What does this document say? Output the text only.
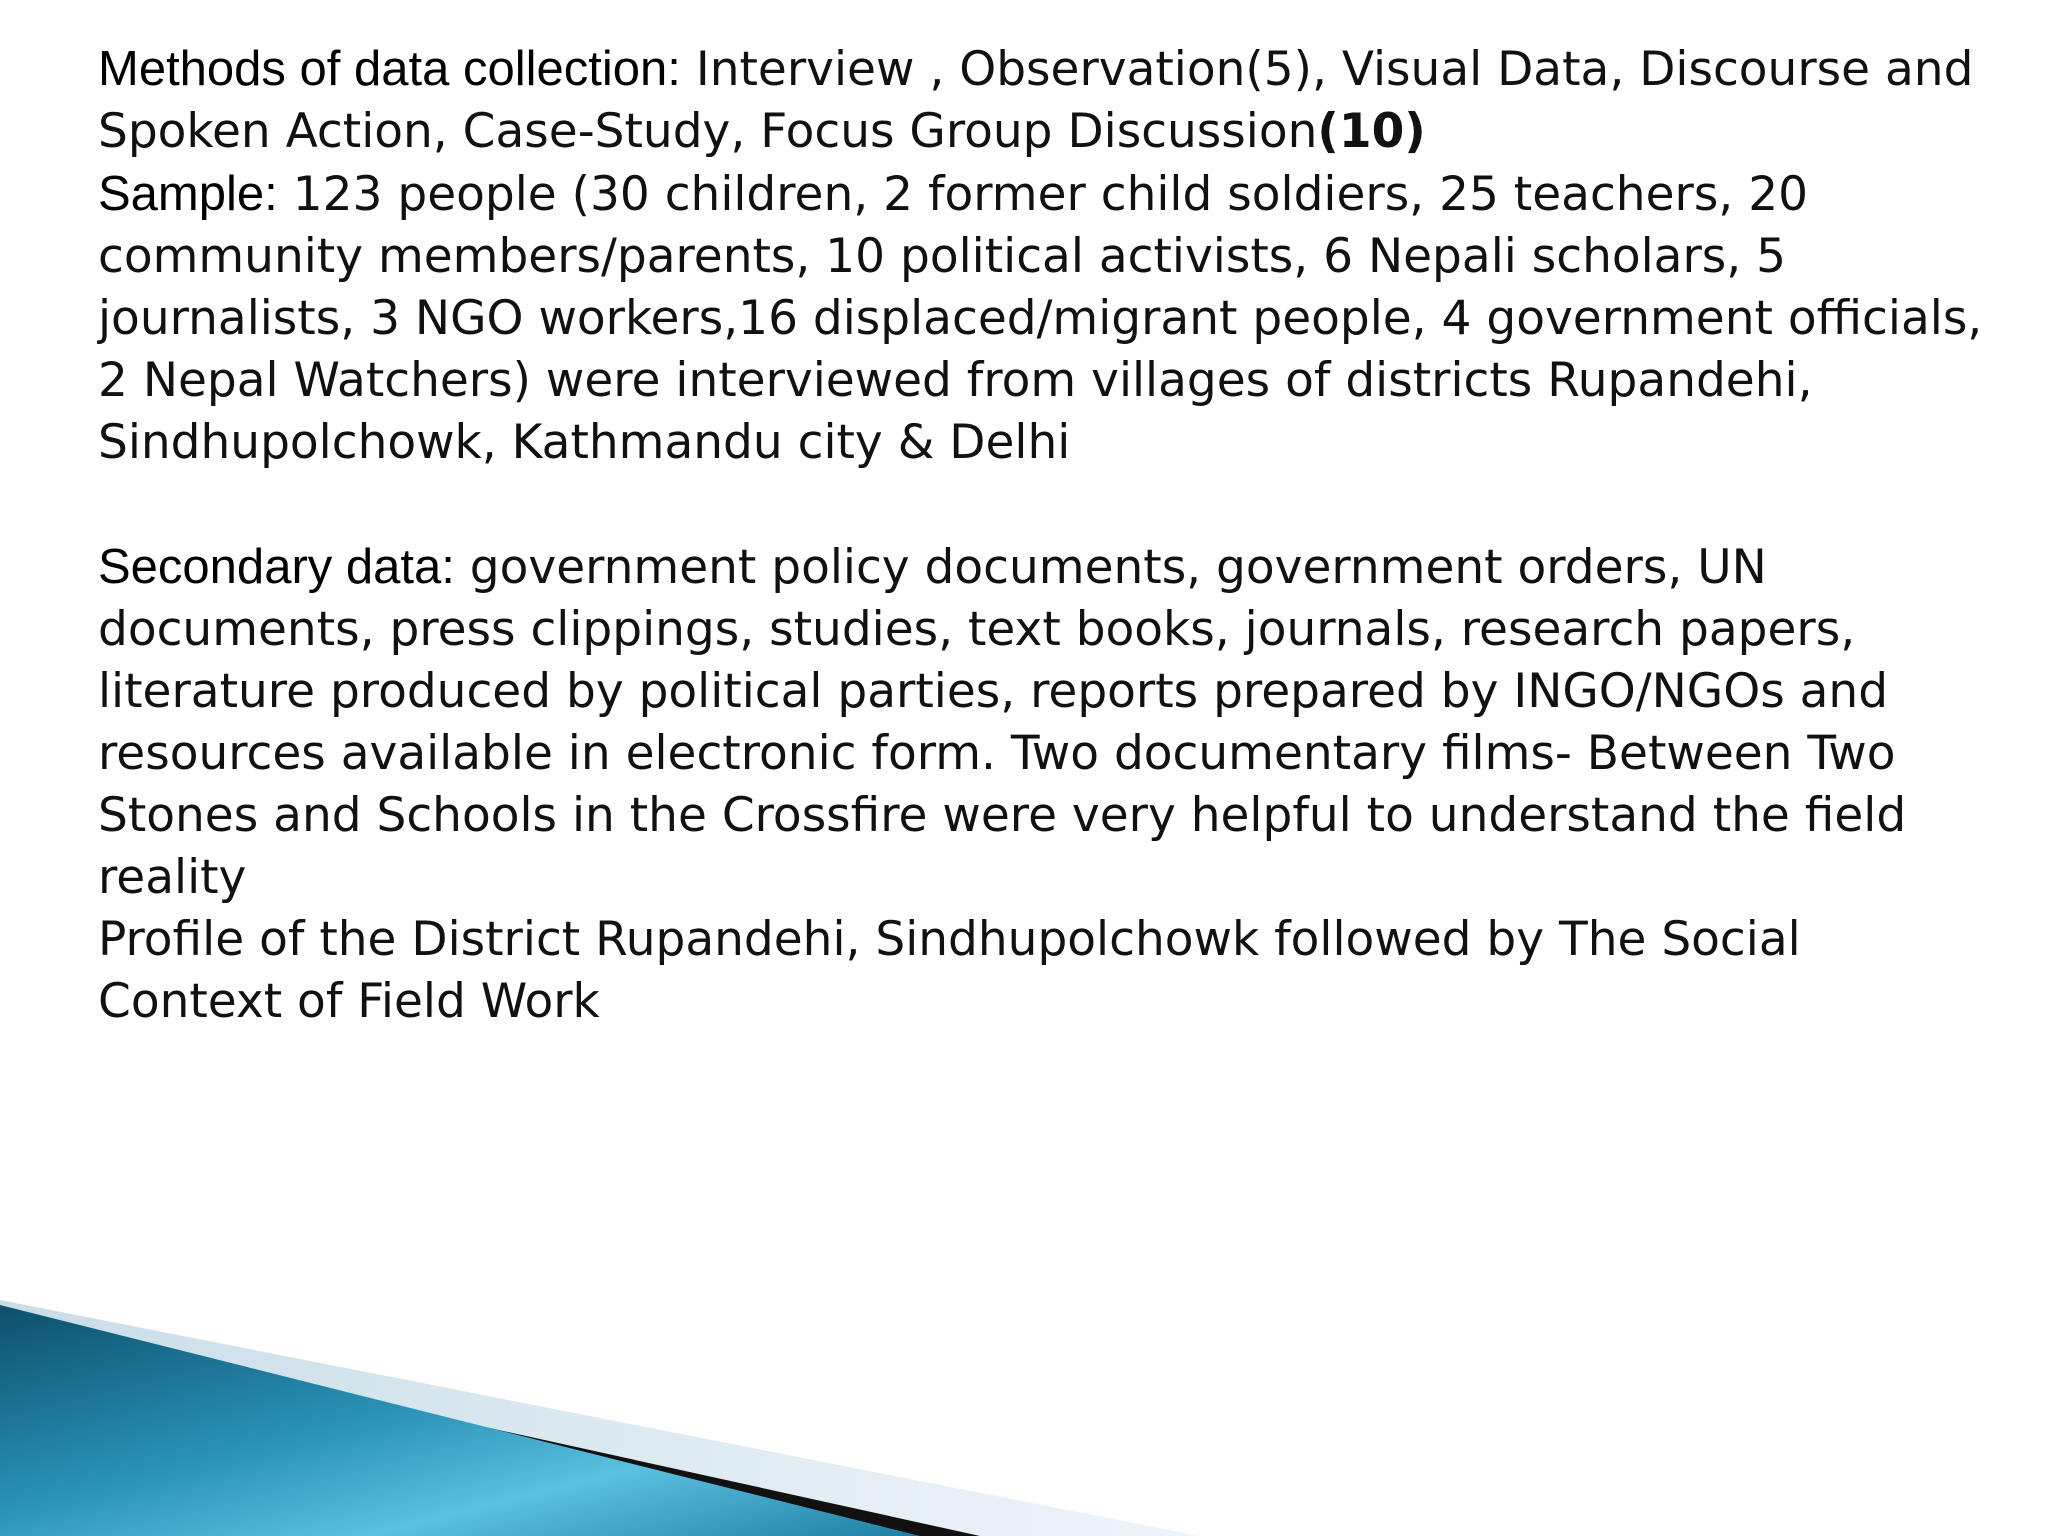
Methods of data collection: Interview , Observation(5), Visual Data, Discourse and Spoken Action, Case-Study, Focus Group Discussion(10)

Sample: 123 people (30 children, 2 former child soldiers, 25 teachers, 20 community members/parents, 10 political activists, 6 Nepali scholars, 5 journalists, 3 NGO workers,16 displaced/migrant people, 4 government officials, 2 Nepal Watchers) were interviewed from villages of districts Rupandehi, Sindhupolchowk, Kathmandu city & Delhi

Secondary data: government policy documents, government orders, UN documents, press clippings, studies, text books, journals, research papers, literature produced by political parties, reports prepared by INGO/NGOs and resources available in electronic form. Two documentary films- Between Two Stones and Schools in the Crossfire were very helpful to understand the field reality

Profile of the District Rupandehi, Sindhupolchowk followed by The Social Context of Field Work
